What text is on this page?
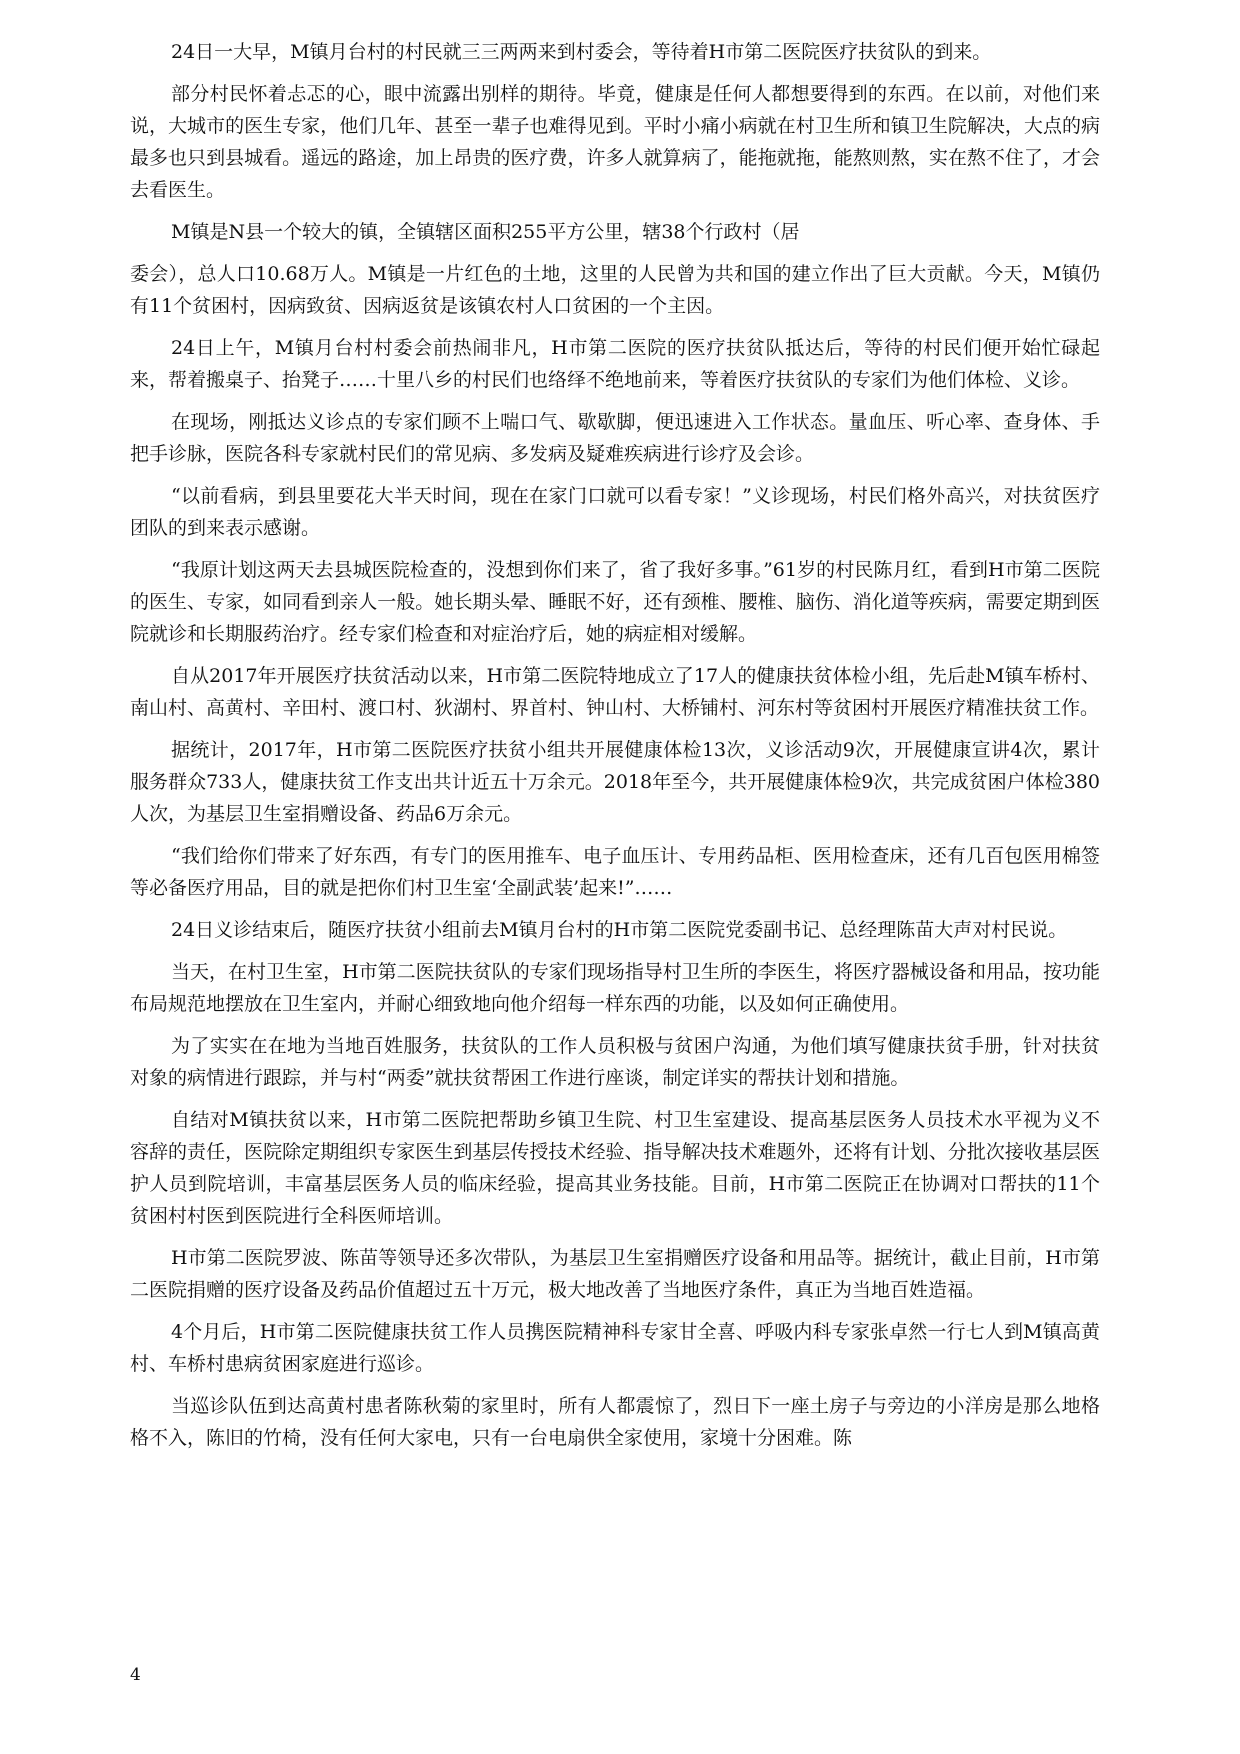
24日一大早，M镇月台村的村民就三三两两来到村委会，等待着H市第二医院医疗扶贫队的到来。

部分村民怀着忐忑的心，眼中流露出别样的期待。毕竟，健康是任何人都想要得到的东西。在以前，对他们来说，大城市的医生专家，他们几年、甚至一辈子也难得见到。平时小痛小病就在村卫生所和镇卫生院解决，大点的病最多也只到县城看。遥远的路途，加上昂贵的医疗费，许多人就算病了，能拖就拖，能熬则熬，实在熬不住了，才会去看医生。

M镇是N县一个较大的镇，全镇辖区面积255平方公里，辖38个行政村（居

委会），总人口10.68万人。M镇是一片红色的土地，这里的人民曾为共和国的建立作出了巨大贡献。今天，M镇仍有11个贫困村，因病致贫、因病返贫是该镇农村人口贫困的一个主因。

24日上午，M镇月台村村委会前热闹非凡，H市第二医院的医疗扶贫队抵达后，等待的村民们便开始忙碌起来，帮着搬桌子、抬凳子……十里八乡的村民们也络绎不绝地前来，等着医疗扶贫队的专家们为他们体检、义诊。

在现场，刚抵达义诊点的专家们顾不上喘口气、歇歇脚，便迅速进入工作状态。量血压、听心率、查身体、手把手诊脉，医院各科专家就村民们的常见病、多发病及疑难疾病进行诊疗及会诊。

“以前看病，到县里要花大半天时间，现在在家门口就可以看专家！”义诊现场，村民们格外高兴，对扶贫医疗团队的到来表示感谢。

“我原计划这两天去县城医院检查的，没想到你们来了，省了我好多事。”61岁的村民陈月红，看到H市第二医院的医生、专家，如同看到亲人一般。她长期头晕、睡眠不好，还有颈椎、腰椎、脑伤、消化道等疾病，需要定期到医院就诊和长期服药治疗。经专家们检查和对症治疗后，她的病症相对缓解。

自从2017年开展医疗扶贫活动以来，H市第二医院特地成立了17人的健康扶贫体检小组，先后赴M镇车桥村、南山村、高黄村、辛田村、渡口村、狄湖村、界首村、钟山村、大桥铺村、河东村等贫困村开展医疗精准扶贫工作。

据统计，2017年，H市第二医院医疗扶贫小组共开展健康体检13次，义诊活动9次，开展健康宣讲4次，累计服务群众733人，健康扶贫工作支出共计近五十万余元。2018年至今，共开展健康体检9次，共完成贫困户体检380人次，为基层卫生室捐赠设备、药品6万余元。

“我们给你们带来了好东西，有专门的医用推车、电子血压计、专用药品柜、医用检查床，还有几百包医用棉签等必备医疗用品，目的就是把你们村卫生室‘全副武装’起来!”……

24日义诊结束后，随医疗扶贫小组前去M镇月台村的H市第二医院党委副书记、总经理陈苗大声对村民说。

当天，在村卫生室，H市第二医院扶贫队的专家们现场指导村卫生所的李医生，将医疗器械设备和用品，按功能布局规范地摆放在卫生室内，并耐心细致地向他介绍每一样东西的功能，以及如何正确使用。

为了实实在在地为当地百姓服务，扶贫队的工作人员积极与贫困户沟通，为他们填写健康扶贫手册，针对扶贫对象的病情进行跟踪，并与村“两委”就扶贫帮困工作进行座谈，制定详实的帮扶计划和措施。

自结对M镇扶贫以来，H市第二医院把帮助乡镇卫生院、村卫生室建设、提高基层医务人员技术水平视为义不容辞的责任，医院除定期组织专家医生到基层传授技术经验、指导解决技术难题外，还将有计划、分批次接收基层医护人员到院培训，丰富基层医务人员的临床经验，提高其业务技能。目前，H市第二医院正在协调对口帮扶的11个贫困村村医到医院进行全科医师培训。

H市第二医院罗波、陈苗等领导还多次带队，为基层卫生室捐赠医疗设备和用品等。据统计，截止目前，H市第二医院捐赠的医疗设备及药品价值超过五十万元，极大地改善了当地医疗条件，真正为当地百姓造福。

4个月后，H市第二医院健康扶贫工作人员携医院精神科专家甘全喜、呼吸内科专家张卓然一行七人到M镇高黄村、车桥村患病贫困家庭进行巡诊。

当巡诊队伍到达高黄村患者陈秋菊的家里时，所有人都震惊了，烈日下一座土房子与旁边的小洋房是那么地格格不入，陈旧的竹椅，没有任何大家电，只有一台电扇供全家使用，家境十分困难。陈

4
